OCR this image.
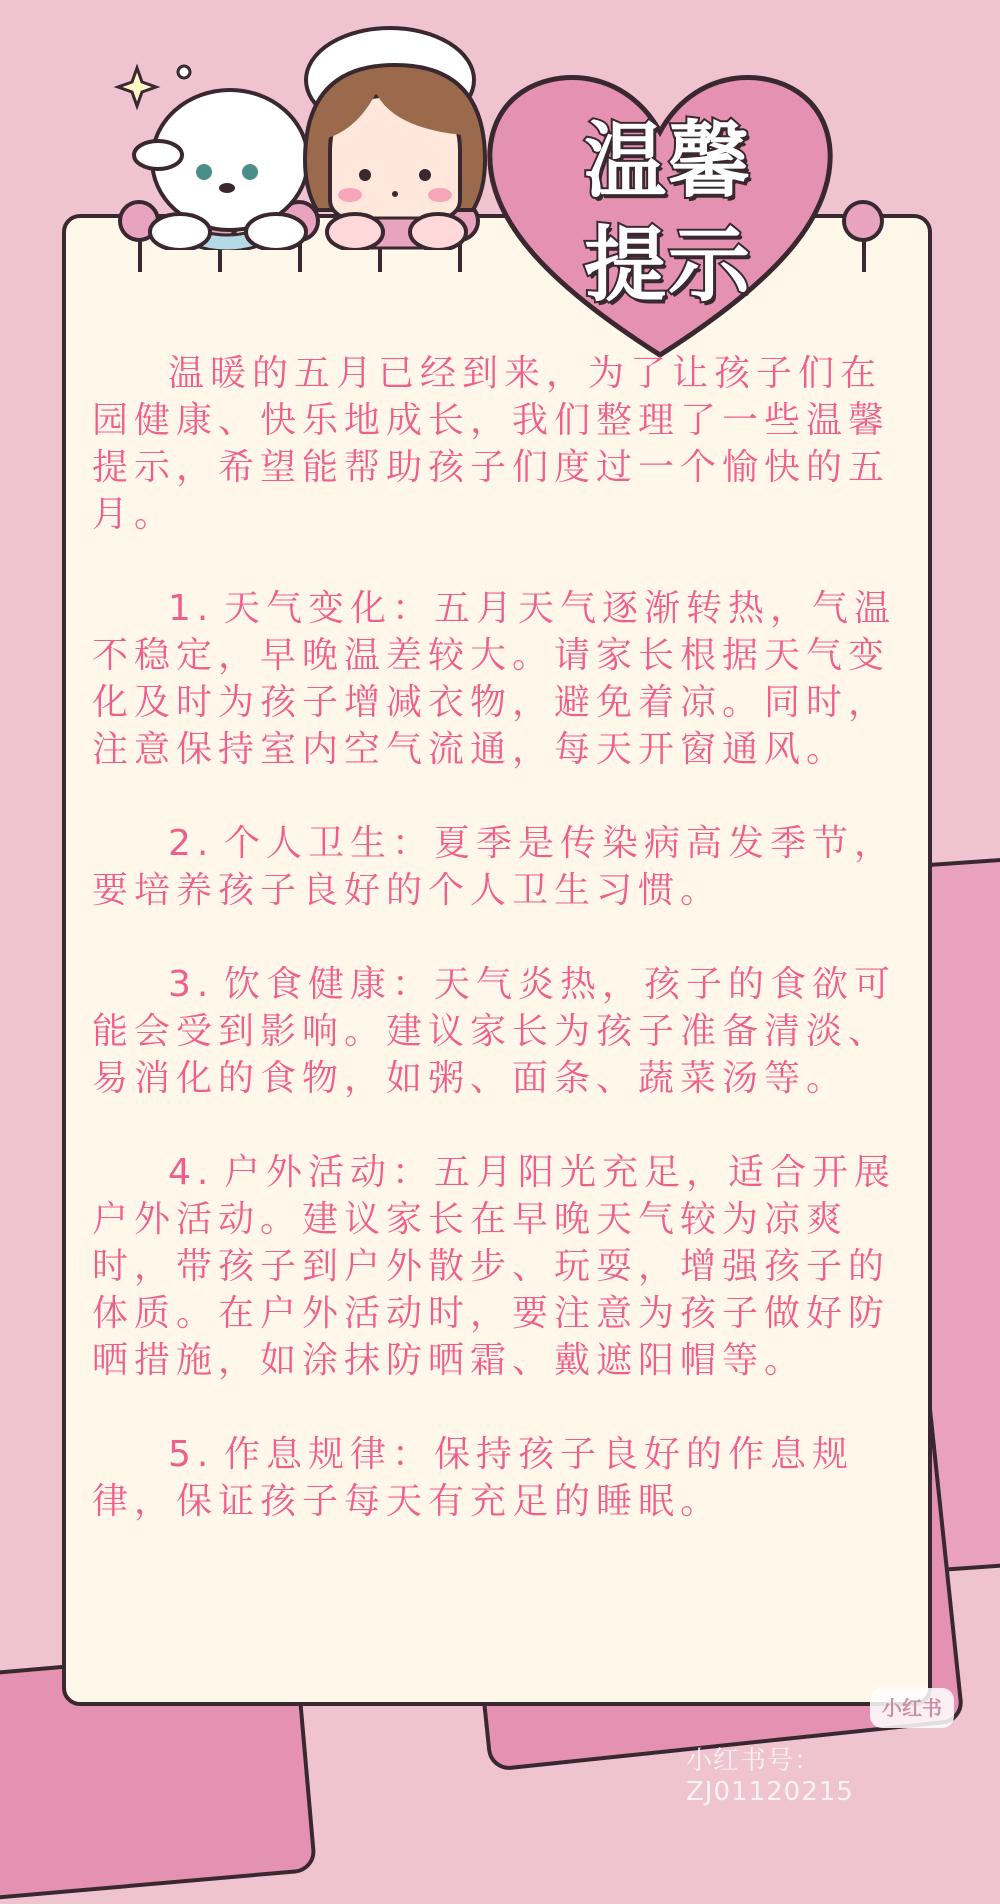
温馨
提示

温暖的五月已经到来，为了让孩子们在园健康、快乐地成长，我们整理了一些温馨提示，希望能帮助孩子们度过一个愉快的五月。

1. 天气变化：五月天气逐渐转热，气温不稳定，早晚温差较大。请家长根据天气变化及时为孩子增减衣物，避免着凉。同时，注意保持室内空气流通，每天开窗通风。

2. 个人卫生：夏季是传染病高发季节，要培养孩子良好的个人卫生习惯。

3. 饮食健康：天气炎热，孩子的食欲可能会受到影响。建议家长为孩子准备清淡、易消化的食物，如粥、面条、蔬菜汤等。

4. 户外活动：五月阳光充足，适合开展户外活动。建议家长在早晚天气较为凉爽时，带孩子到户外散步、玩耍，增强孩子的体质。在户外活动时，要注意为孩子做好防晒措施，如涂抹防晒霜、戴遮阳帽等。

5. 作息规律：保持孩子良好的作息规律，保证孩子每天有充足的睡眠。

小红书
小红书号：ZJ01120215
